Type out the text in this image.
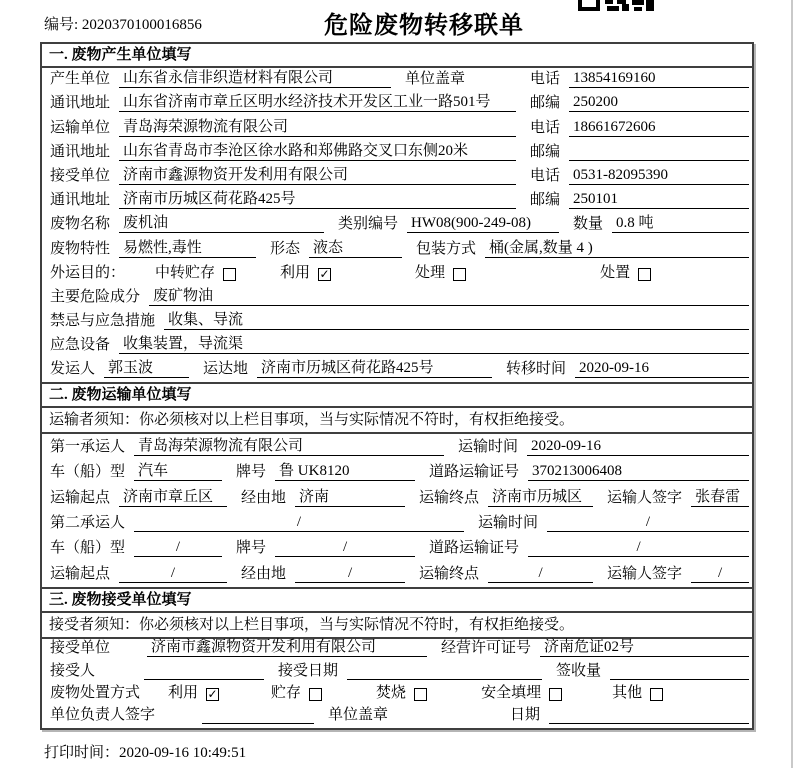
编号: 2020370100016856	危险废物转移联单
一. 废物产生单位填写
产生单位 山东省永信非织造材料有限公司	单位盖章	电话 13854169160
通讯地址 山东省济南市章丘区明水经济技术开发区工业一路501号	邮编 250200
运输单位 青岛海荣源物流有限公司	电话 18661672606
通讯地址 山东省青岛市李沧区徐水路和郑佛路交叉口东侧20米	邮编
接受单位 济南市鑫源物资开发利用有限公司	电话 0531-82095390
通讯地址 济南市历城区荷花路425号	邮编 250101
废物名称 废机油	类别编号 HW08(900-249-08)	数量 0.8 吨
废物特性 易燃性,毒性	形态 液态	包装方式 桶(金属,数量 4 )
外运目的： 中转贮存	利用 ✓	处理	处置
主要危险成分 废矿物油
禁忌与应急措施 收集、导流
应急设备 收集装置，导流渠
发运人 郭玉波	运达地 济南市历城区荷花路425号	转移时间 2020-09-16
二. 废物运输单位填写
运输者须知：你必须核对以上栏目事项，当与实际情况不符时，有权拒绝接受。
第一承运人 青岛海荣源物流有限公司	运输时间 2020-09-16
车（船）型 汽车	牌号 鲁 UK8120	道路运输证号 370213006408
运输起点 济南市章丘区	经由地 济南	运输终点 济南市历城区	运输人签字 张春雷
第二承运人	/	运输时间	/
车（船）型	/	牌号	/	道路运输证号	/
运输起点	/	经由地	/	运输终点	/	运输人签字	/
三. 废物接受单位填写
接受者须知：你必须核对以上栏目事项，当与实际情况不符时，有权拒绝接受。
接受单位	济南市鑫源物资开发利用有限公司	经营许可证号 济南危证02号
接受人	接受日期	签收量
废物处置方式 利用 ✓	贮存	焚烧	安全填埋	其他
单位负责人签字	单位盖章	日期
打印时间：2020-09-16 10:49:51
